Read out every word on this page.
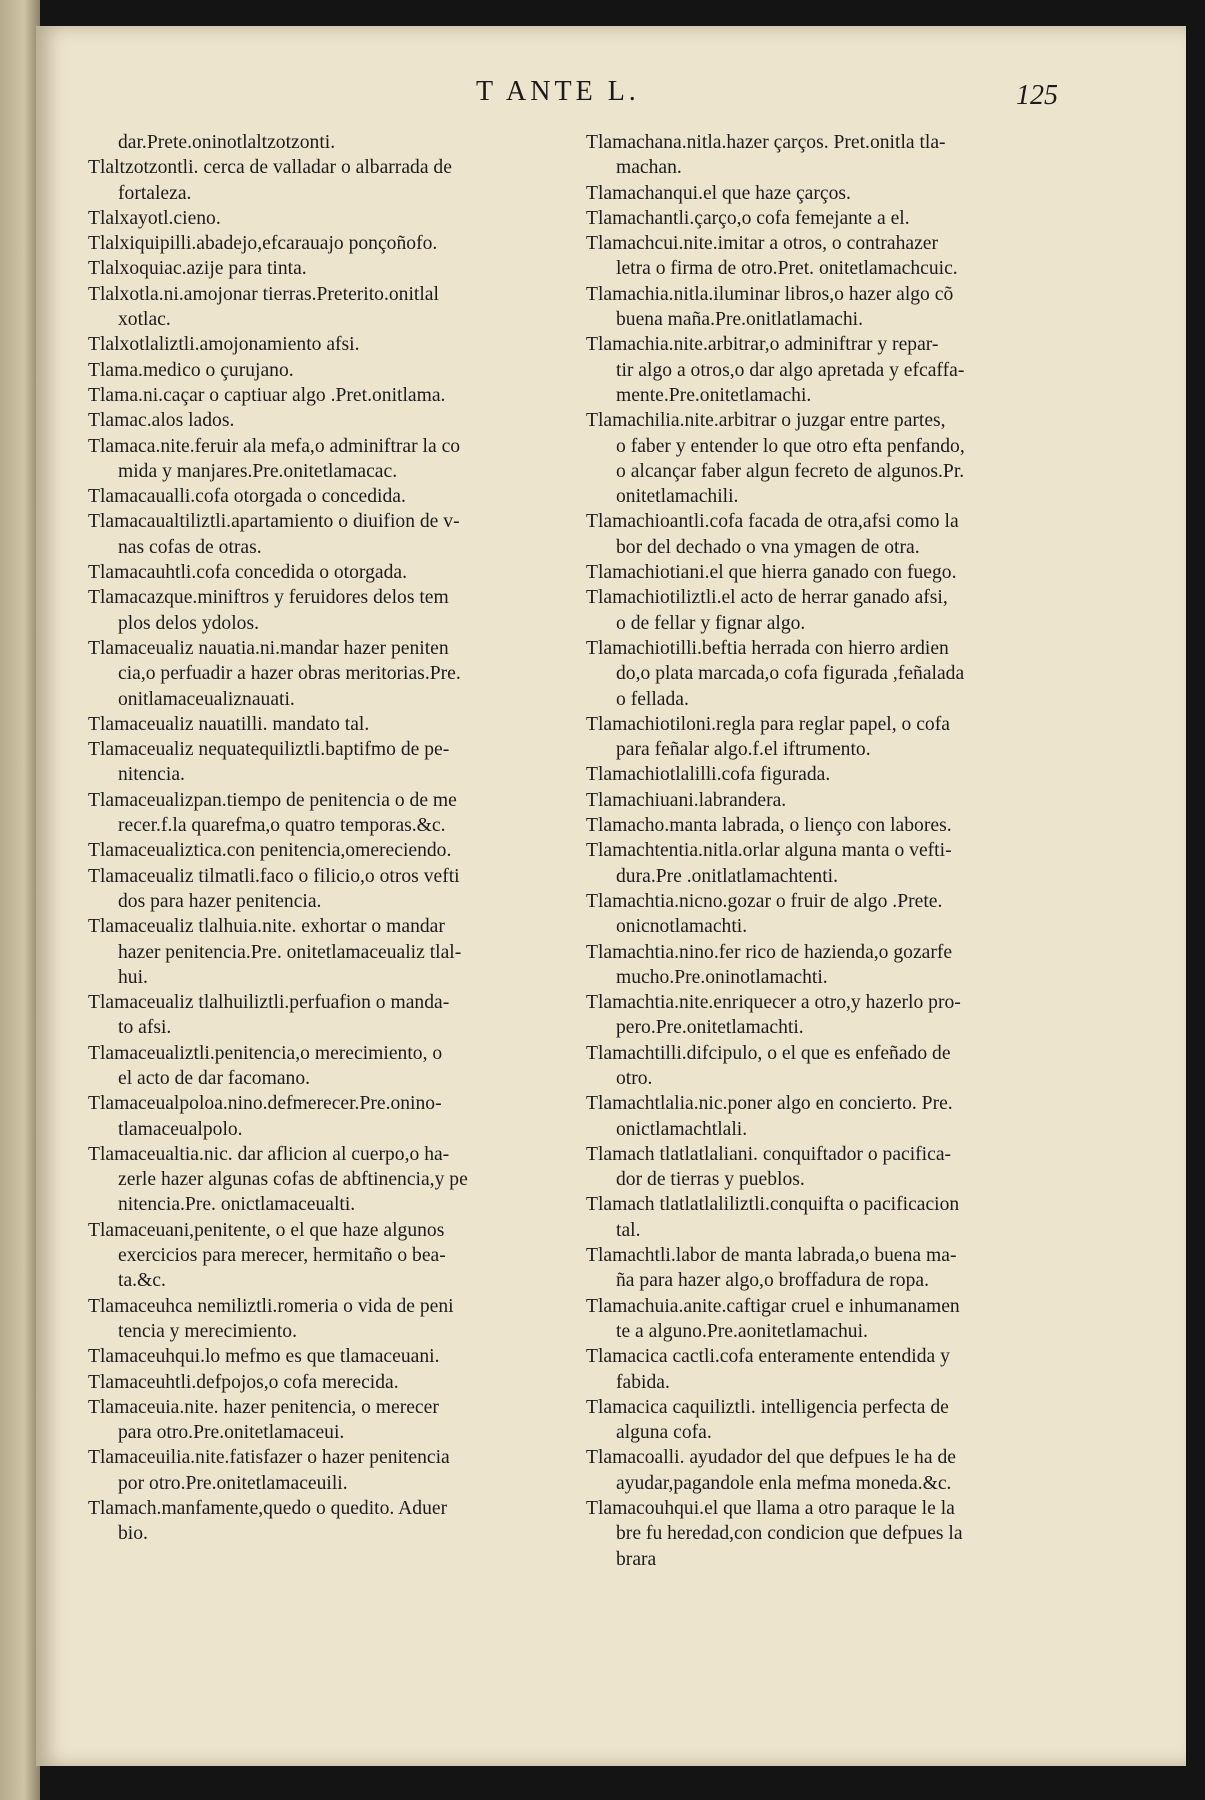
T ANTE L.	125
dar.Prete.oninotlaltzotzonti.
Tlaltzotzontli. cerca de valladar o albarrada de
fortaleza.
Tlalxayotl.cieno.
Tlalxiquipilli.abadejo,efcarauajo ponçoñofo.
Tlalxoquiac.azije para tinta.
Tlalxotla.ni.amojonar tierras.Preterito.onitlal
xotlac.
Tlalxotlaliztli.amojonamiento afsi.
Tlama.medico o çurujano.
Tlama.ni.caçar o captiuar algo .Pret.onitlama.
Tlamac.alos lados.
Tlamaca.nite.feruir ala mefa,o adminiftrar la co
mida y manjares.Pre.onitetlamacac.
Tlamacaualli.cofa otorgada o concedida.
Tlamacaualtiliztli.apartamiento o diuifion de v-
nas cofas de otras.
Tlamacauhtli.cofa concedida o otorgada.
Tlamacazque.miniftros y feruidores delos tem
plos delos ydolos.
Tlamaceualiz nauatia.ni.mandar hazer peniten
cia,o perfuadir a hazer obras meritorias.Pre.
onitlamaceualiznauati.
Tlamaceualiz nauatilli. mandato tal.
Tlamaceualiz nequatequiliztli.baptifmo de pe-
nitencia.
Tlamaceualizpan.tiempo de penitencia o de me
recer.f.la quarefma,o quatro temporas.&c.
Tlamaceualiztica.con penitencia,omereciendo.
Tlamaceualiz tilmatli.faco o filicio,o otros vefti
dos para hazer penitencia.
Tlamaceualiz tlalhuia.nite. exhortar o mandar
hazer penitencia.Pre. onitetlamaceualiz tlal-
hui.
Tlamaceualiz tlalhuiliztli.perfuafion o manda-
to afsi.
Tlamaceualiztli.penitencia,o merecimiento, o
el acto de dar facomano.
Tlamaceualpoloa.nino.defmerecer.Pre.onino-
tlamaceualpolo.
Tlamaceualtia.nic. dar aflicion al cuerpo,o ha-
zerle hazer algunas cofas de abftinencia,y pe
nitencia.Pre. onictlamaceualti.
Tlamaceuani,penitente, o el que haze algunos
exercicios para merecer, hermitaño o bea-
ta.&c.
Tlamaceuhca nemiliztli.romeria o vida de peni
tencia y merecimiento.
Tlamaceuhqui.lo mefmo es que tlamaceuani.
Tlamaceuhtli.defpojos,o cofa merecida.
Tlamaceuia.nite. hazer penitencia, o merecer
para otro.Pre.onitetlamaceui.
Tlamaceuilia.nite.fatisfazer o hazer penitencia
por otro.Pre.onitetlamaceuili.
Tlamach.manfamente,quedo o quedito. Aduer
bio.
Tlamachana.nitla.hazer çarços. Pret.onitla tla-
machan.
Tlamachanqui.el que haze çarços.
Tlamachantli.çarço,o cofa femejante a el.
Tlamachcui.nite.imitar a otros, o contrahazer
letra o firma de otro.Pret. onitetlamachcuic.
Tlamachia.nitla.iluminar libros,o hazer algo cõ
buena maña.Pre.onitlatlamachi.
Tlamachia.nite.arbitrar,o adminiftrar y repar-
tir algo a otros,o dar algo apretada y efcaffa-
mente.Pre.onitetlamachi.
Tlamachilia.nite.arbitrar o juzgar entre partes,
o faber y entender lo que otro efta penfando,
o alcançar faber algun fecreto de algunos.Pr.
onitetlamachili.
Tlamachioantli.cofa facada de otra,afsi como la
bor del dechado o vna ymagen de otra.
Tlamachiotiani.el que hierra ganado con fuego.
Tlamachiotiliztli.el acto de herrar ganado afsi,
o de fellar y fignar algo.
Tlamachiotilli.beftia herrada con hierro ardien
do,o plata marcada,o cofa figurada ,feñalada
o fellada.
Tlamachiotiloni.regla para reglar papel, o cofa
para feñalar algo.f.el iftrumento.
Tlamachiotlalilli.cofa figurada.
Tlamachiuani.labrandera.
Tlamacho.manta labrada, o lienço con labores.
Tlamachtentia.nitla.orlar alguna manta o vefti-
dura.Pre .onitlatlamachtenti.
Tlamachtia.nicno.gozar o fruir de algo .Prete.
onicnotlamachti.
Tlamachtia.nino.fer rico de hazienda,o gozarfe
mucho.Pre.oninotlamachti.
Tlamachtia.nite.enriquecer a otro,y hazerlo pro-
pero.Pre.onitetlamachti.
Tlamachtilli.difcipulo, o el que es enfeñado de
otro.
Tlamachtlalia.nic.poner algo en concierto. Pre.
onictlamachtlali.
Tlamach tlatlatlaliani. conquiftador o pacifica-
dor de tierras y pueblos.
Tlamach tlatlatlaliliztli.conquifta o pacificacion
tal.
Tlamachtli.labor de manta labrada,o buena ma-
ña para hazer algo,o broffadura de ropa.
Tlamachuia.anite.caftigar cruel e inhumanamen
te a alguno.Pre.aonitetlamachui.
Tlamacica cactli.cofa enteramente entendida y
fabida.
Tlamacica caquiliztli. intelligencia perfecta de
alguna cofa.
Tlamacoalli. ayudador del que defpues le ha de
ayudar,pagandole enla mefma moneda.&c.
Tlamacouhqui.el que llama a otro paraque le la
bre fu heredad,con condicion que defpues la
brara
